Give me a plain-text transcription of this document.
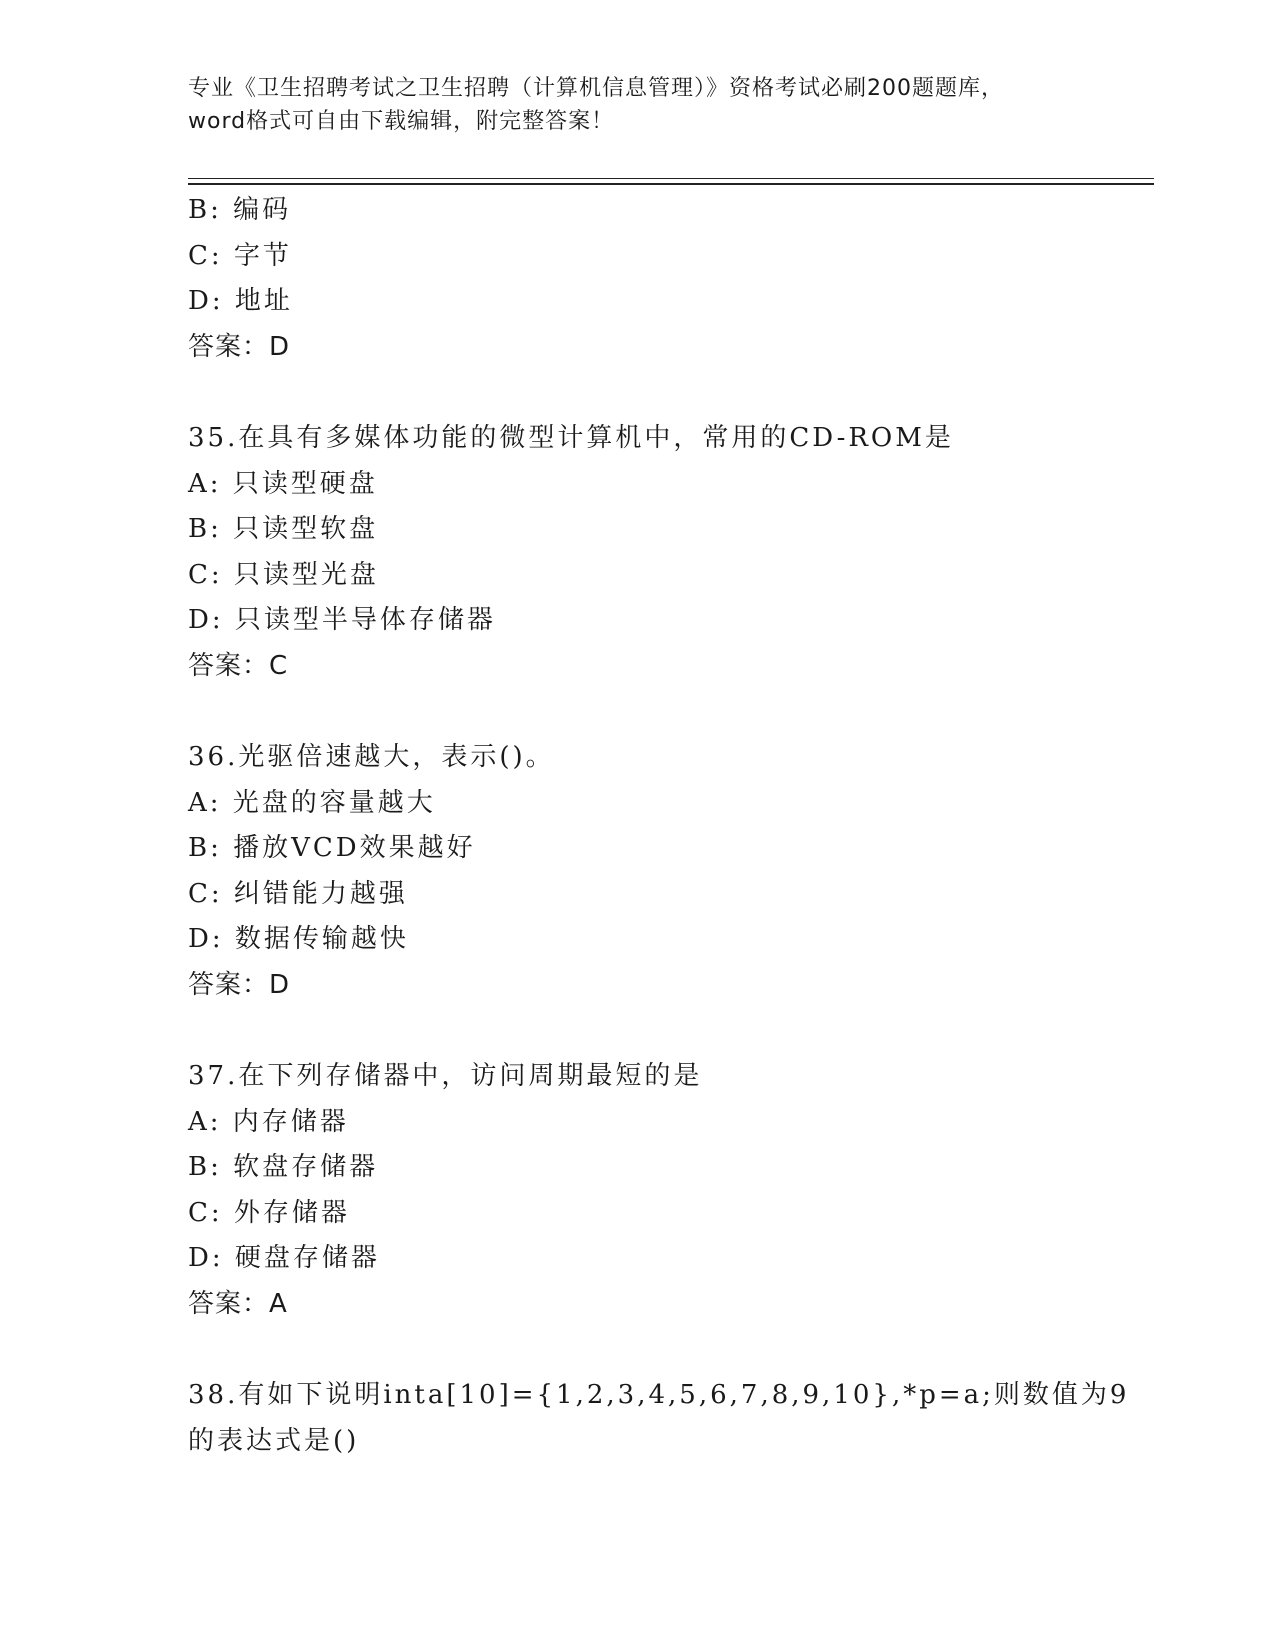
专业《卫生招聘考试之卫生招聘（计算机信息管理）》资格考试必刷200题题库，
word格式可自由下载编辑，附完整答案！
B: 编码
C: 字节
D: 地址
答案：D
35.在具有多媒体功能的微型计算机中，常用的CD-ROM是
A: 只读型硬盘
B: 只读型软盘
C: 只读型光盘
D: 只读型半导体存储器
答案：C
36.光驱倍速越大，表示()。
A: 光盘的容量越大
B: 播放VCD效果越好
C: 纠错能力越强
D: 数据传输越快
答案：D
37.在下列存储器中，访问周期最短的是
A: 内存储器
B: 软盘存储器
C: 外存储器
D: 硬盘存储器
答案：A
38.有如下说明inta[10]={1,2,3,4,5,6,7,8,9,10},*p=a;则数值为9
的表达式是()
